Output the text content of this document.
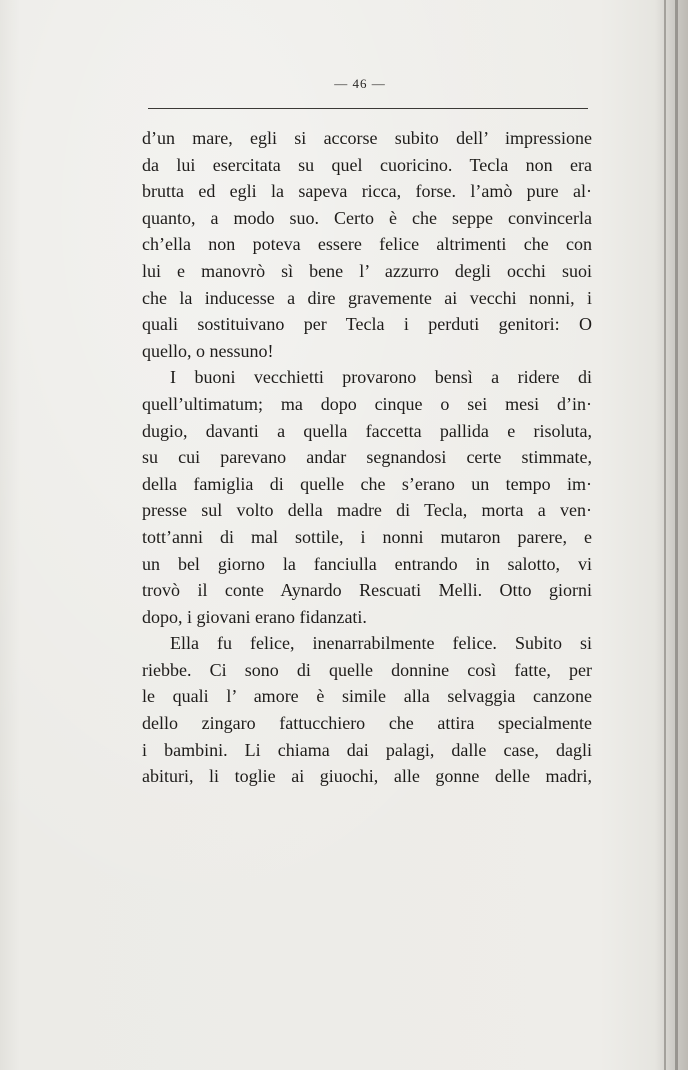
— 46 —
d’un mare, egli si accorse subito dell’ impressione
da lui esercitata su quel cuoricino. Tecla non era
brutta ed egli la sapeva ricca, forse. l’amò pure al·
quanto, a modo suo. Certo è che seppe convincerla
ch’ella non poteva essere felice altrimenti che con
lui e manovrò sì bene l’ azzurro degli occhi suoi
che la inducesse a dire gravemente ai vecchi nonni, i
quali sostituivano per Tecla i perduti genitori: O
quello, o nessuno!
I buoni vecchietti provarono bensì a ridere di
quell’ultimatum; ma dopo cinque o sei mesi d’in·
dugio, davanti a quella faccetta pallida e risoluta,
su cui parevano andar segnandosi certe stimmate,
della famiglia di quelle che s’erano un tempo im·
presse sul volto della madre di Tecla, morta a ven·
tott’anni di mal sottile, i nonni mutaron parere, e
un bel giorno la fanciulla entrando in salotto, vi
trovò il conte Aynardo Rescuati Melli. Otto giorni
dopo, i giovani erano fidanzati.
Ella fu felice, inenarrabilmente felice. Subito si
riebbe. Ci sono di quelle donnine così fatte, per
le quali l’ amore è simile alla selvaggia canzone
dello zingaro fattucchiero che attira specialmente
i bambini. Li chiama dai palagi, dalle case, dagli
abituri, li toglie ai giuochi, alle gonne delle madri,
